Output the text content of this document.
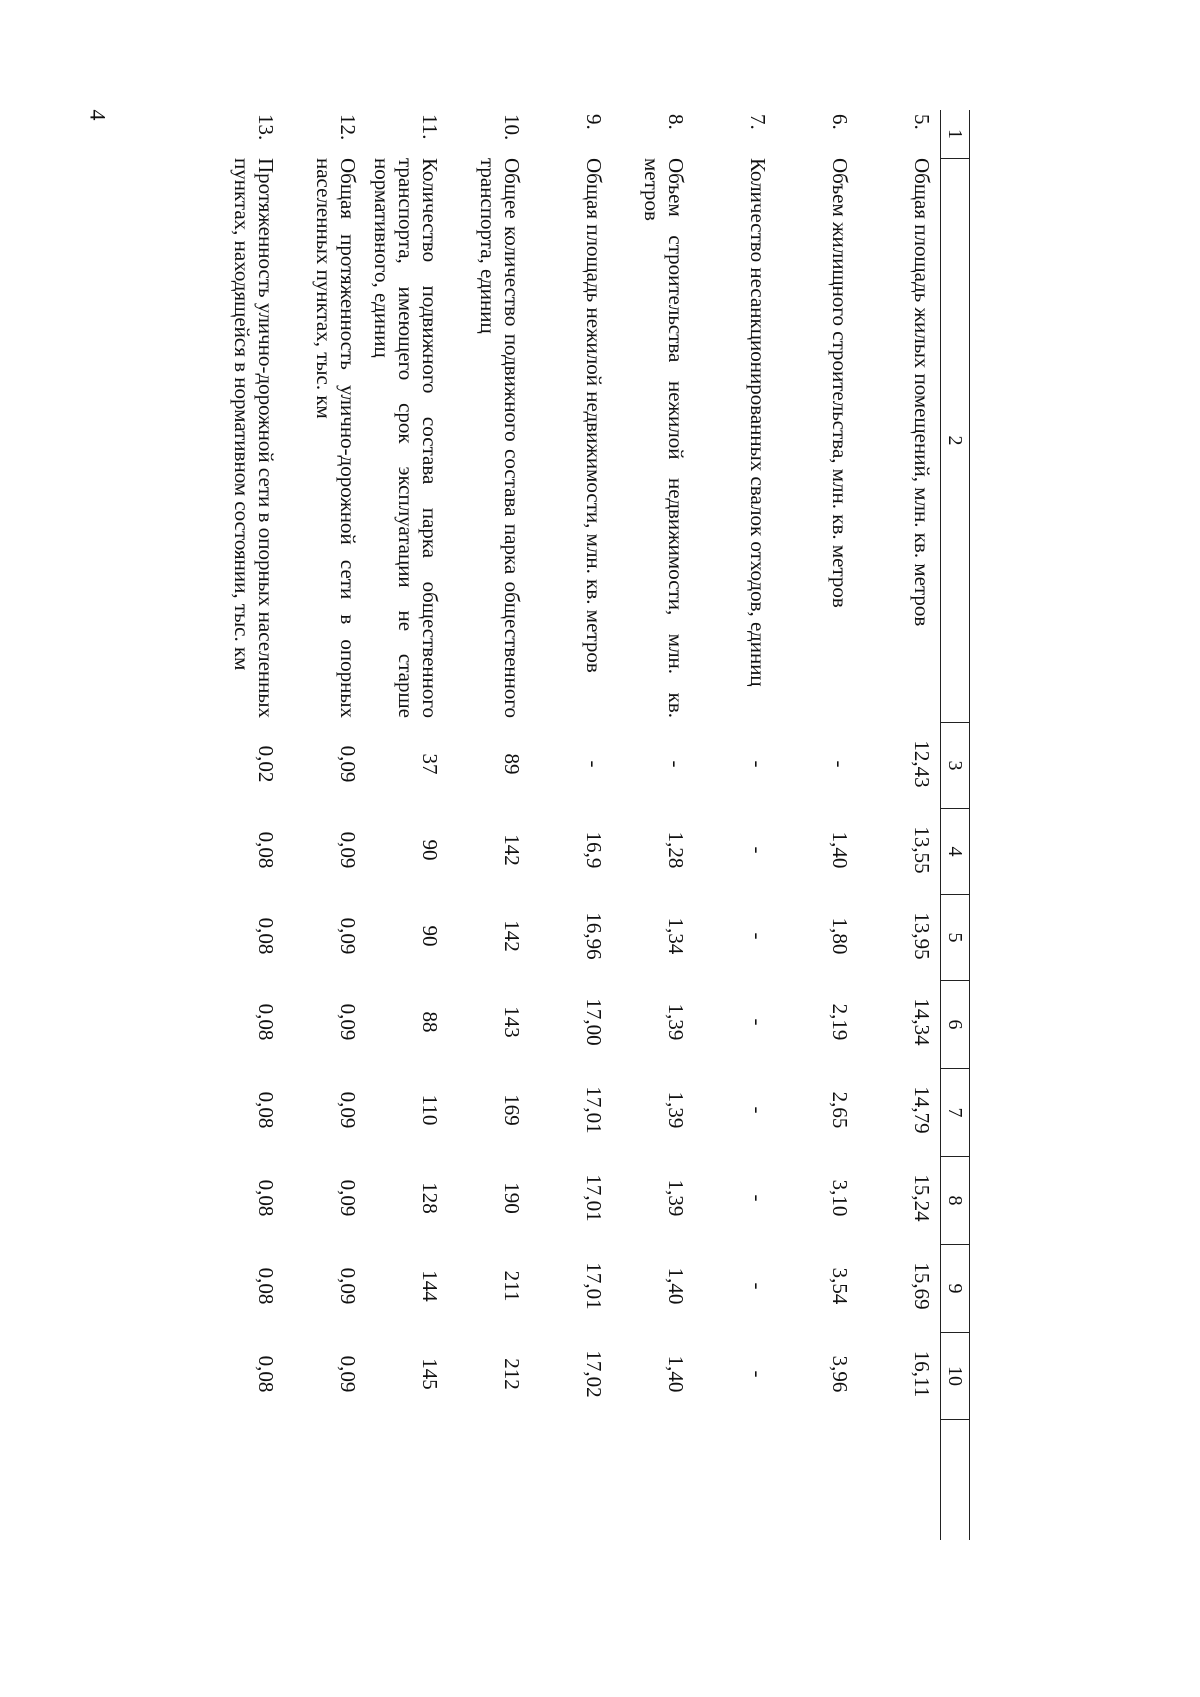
4
1
2
3
4
5
6
7
8
9
10
5.
Общая площадь жилых помещений, млн. кв. метров
12,43
13,55
13,95
14,34
14,79
15,24
15,69
16,11
6.
Объем жилищного строительства, млн. кв. метров
-
1,40
1,80
2,19
2,65
3,10
3,54
3,96
7.
Количество несанкционированных свалок отходов, единиц
-
-
-
-
-
-
-
-
8.
Объем строительства нежилой недвижимости, млн. кв. метров
-
1,28
1,34
1,39
1,39
1,39
1,40
1,40
9.
Общая площадь нежилой недвижимости, млн. кв. метров
-
16,9
16,96
17,00
17,01
17,01
17,01
17,02
10.
Общее количество подвижного состава парка общественного транспорта, единиц
89
142
142
143
169
190
211
212
11.
Количество подвижного состава парка общественного транспорта, имеющего срок эксплуатации не старше нормативного, единиц
37
90
90
88
110
128
144
145
12.
Общая протяженность улично-дорожной сети в опорных населенных пунктах, тыс. км
0,09
0,09
0,09
0,09
0,09
0,09
0,09
0,09
13.
Протяженность улично-дорожной сети в опорных населенных пунктах, находящейся в нормативном состоянии, тыс. км
0,02
0,08
0,08
0,08
0,08
0,08
0,08
0,08
